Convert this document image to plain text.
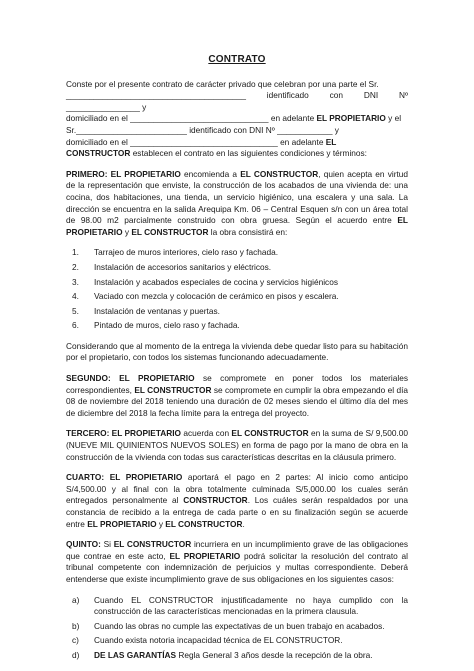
CONTRATO
Conste por el presente contrato de carácter privado que celebran por una parte el Sr.
_______________________________________ identificado con DNI Nº ________________ y
domiciliado en el ______________________________ en adelante EL PROPIETARIO y el
Sr.________________________ identificado con DNI Nº ____________ y
domiciliado en el ________________________________ en adelante EL
CONSTRUCTOR establecen el contrato en las siguientes condiciones y términos:
PRIMERO: EL PROPIETARIO encomienda a EL CONSTRUCTOR, quien acepta en virtud de la representación que enviste, la construcción de los acabados de una vivienda de: una cocina, dos habitaciones, una tienda, un servicio higiénico, una escalera y una sala. La dirección se encuentra en la salida Arequipa Km. 06 – Central Esquen s/n con un área total de 98.00 m2 parcialmente construido con obra gruesa. Según el acuerdo entre EL PROPIETARIO y EL CONSTRUCTOR la obra consistirá en:
1.	Tarrajeo de muros interiores, cielo raso y fachada.
2.	Instalación de accesorios sanitarios y eléctricos.
3.	Instalación y acabados especiales de cocina y servicios higiénicos
4.	Vaciado con mezcla y colocación de cerámico en pisos y escalera.
5.	Instalación de ventanas y puertas.
6.	Pintado de muros, cielo raso y fachada.
Considerando que al momento de la entrega la vivienda debe quedar listo para su habitación por el propietario, con todos los sistemas funcionando adecuadamente.
SEGUNDO: EL PROPIETARIO se compromete en poner todos los materiales correspondientes, EL CONSTRUCTOR se compromete en cumplir la obra empezando el día 08 de noviembre del 2018 teniendo una duración de 02 meses siendo el último día del mes de diciembre del 2018 la fecha límite para la entrega del proyecto.
TERCERO: EL PROPIETARIO acuerda con EL CONSTRUCTOR en la suma de S/ 9,500.00 (NUEVE MIL QUINIENTOS NUEVOS SOLES) en forma de pago por la mano de obra en la construcción de la vivienda con todas sus características descritas en la cláusula primero.
CUARTO: EL PROPIETARIO aportará el pago en 2 partes: Al inicio como anticipo S/4,500.00 y al final con la obra totalmente culminada S/5,000.00 los cuales serán entregados personalmente al CONSTRUCTOR. Los cuáles serán respaldados por una constancia de recibido a la entrega de cada parte o en su finalización según se acuerde entre EL PROPIETARIO y EL CONSTRUCTOR.
QUINTO: Si EL CONSTRUCTOR incurriera en un incumplimiento grave de las obligaciones que contrae en este acto, EL PROPIETARIO podrá solicitar la resolución del contrato al tribunal competente con indemnización de perjuicios y multas correspondiente. Deberá entenderse que existe incumplimiento grave de sus obligaciones en los siguientes casos:
a)	Cuando EL CONSTRUCTOR injustificadamente no haya cumplido con la construcción de las características mencionadas en la primera clausula.
b)	Cuando las obras no cumple las expectativas de un buen trabajo en acabados.
c)	Cuando exista notoria incapacidad técnica de EL CONSTRUCTOR.
d)	DE LAS GARANTÍAS Regla General 3 años desde la recepción de la obra.
